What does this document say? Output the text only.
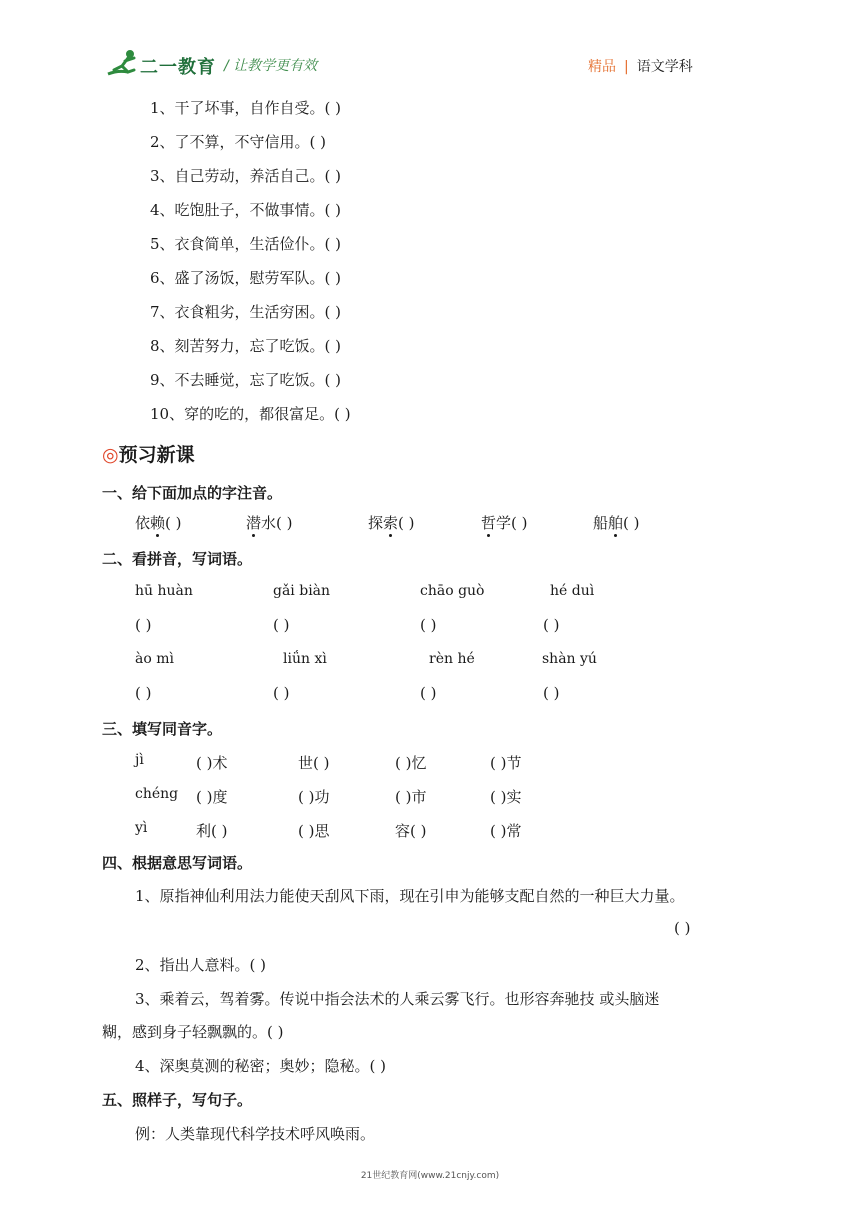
二一教育 / 让教学更有效	精品 | 语文学科
1、干了坏事，自作自受。( )
2、了不算，不守信用。( )
3、自己劳动，养活自己。( )
4、吃饱肚子，不做事情。( )
5、衣食简单，生活俭仆。( )
6、盛了汤饭，慰劳军队。( )
7、衣食粗劣，生活穷困。( )
8、刻苦努力，忘了吃饭。( )
9、不去睡觉，忘了吃饭。( )
10、穿的吃的，都很富足。( )
◎预习新课
一、给下面加点的字注音。
依赖( )	潜水( )	探索( )	哲学( )	船舶( )
二、看拼音，写词语。
hū huàn	gǎi biàn	chāo guò	hé duì
( )	( )	( )	( )
ào mì	liǘn xì	rèn hé	shàn yú
( )	( )	( )	( )
三、填写同音字。
jì	( )术	世( )	( )忆	( )节
chéng ( )度	( )功	( )市	( )实
yì	利( )	( )思	容( )	( )常
四、根据意思写词语。
1、原指神仙利用法力能使天刮风下雨，现在引申为能够支配自然的一种巨大力量。
( )
2、指出人意料。( )
3、乘着云，驾着雾。传说中指会法术的人乘云雾飞行。也形容奔驰技 或头脑迷
糊，感到身子轻飘飘的。( )
4、深奥莫测的秘密；奥妙；隐秘。( )
五、照样子，写句子。
例：人类靠现代科学技术呼风唤雨。
21世纪教育网(www.21cnjy.com)
